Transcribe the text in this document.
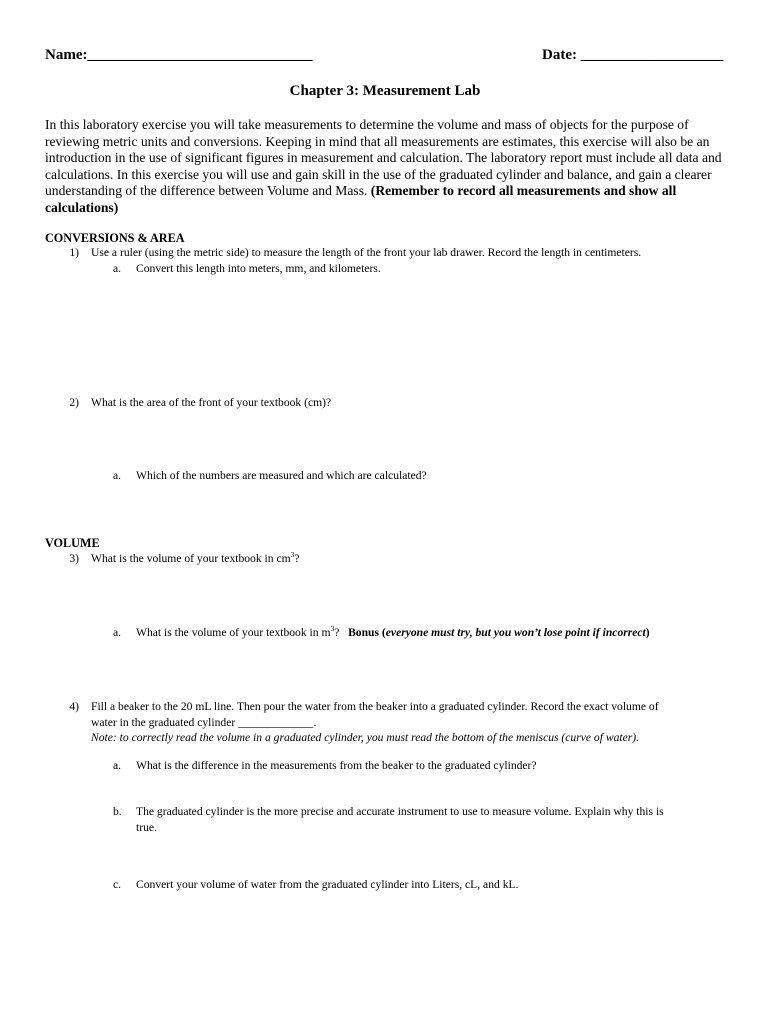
Name:______________________________	Date: ___________________
Chapter 3: Measurement Lab
In this laboratory exercise you will take measurements to determine the volume and mass of objects for the purpose of reviewing metric units and conversions. Keeping in mind that all measurements are estimates, this exercise will also be an introduction in the use of significant figures in measurement and calculation. The laboratory report must include all data and calculations. In this exercise you will use and gain skill in the use of the graduated cylinder and balance, and gain a clearer understanding of the difference between Volume and Mass. (Remember to record all measurements and show all calculations)
CONVERSIONS & AREA
1) Use a ruler (using the metric side) to measure the length of the front your lab drawer. Record the length in centimeters.
a. Convert this length into meters, mm, and kilometers.
2) What is the area of the front of your textbook (cm)?
a. Which of the numbers are measured and which are calculated?
VOLUME
3) What is the volume of your textbook in $cm^3$?
a. What is the volume of your textbook in $m^3$?   Bonus (everyone must try, but you won’t lose point if incorrect)
4) Fill a beaker to the 20 mL line. Then pour the water from the beaker into a graduated cylinder. Record the exact volume of
water in the graduated cylinder _____________.
Note: to correctly read the volume in a graduated cylinder, you must read the bottom of the meniscus (curve of water).
a. What is the difference in the measurements from the beaker to the graduated cylinder?
b. The graduated cylinder is the more precise and accurate instrument to use to measure volume. Explain why this is
true.
c. Convert your volume of water from the graduated cylinder into Liters, cL, and kL.
